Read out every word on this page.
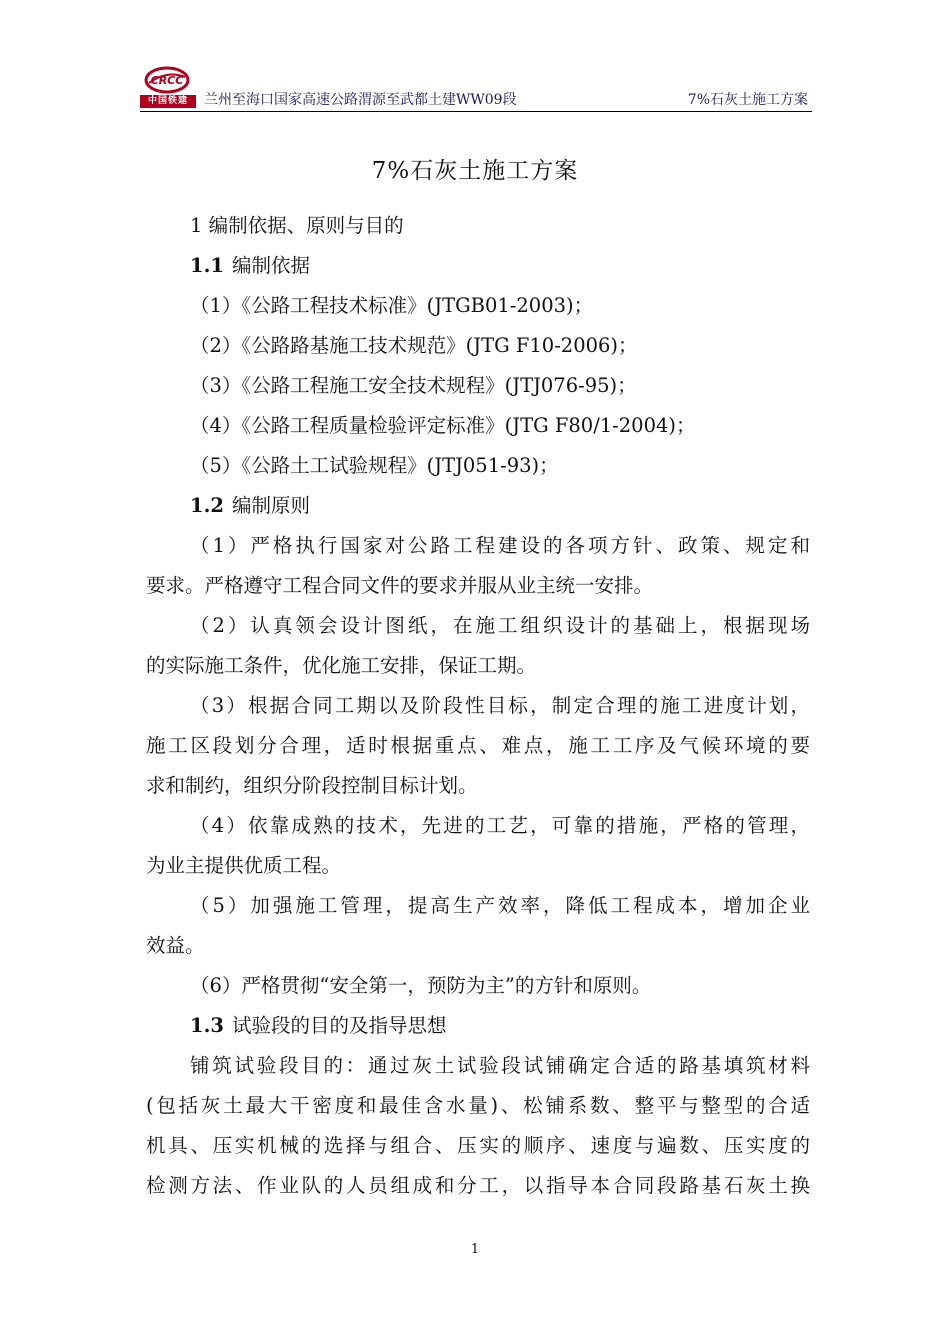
CRCC
中国铁建	兰州至海口国家高速公路渭源至武都土建WW09段	7%石灰土施工方案
7%石灰土施工方案
1 编制依据、原则与目的
1.1 编制依据
（1）《公路工程技术标准》(JTGB01-2003)；
（2）《公路路基施工技术规范》(JTG F10-2006)；
（3）《公路工程施工安全技术规程》(JTJ076-95)；
（4）《公路工程质量检验评定标准》(JTG F80/1-2004)；
（5）《公路土工试验规程》(JTJ051-93)；
1.2 编制原则
（1）严格执行国家对公路工程建设的各项方针、政策、规定和
要求。严格遵守工程合同文件的要求并服从业主统一安排。
（2）认真领会设计图纸，在施工组织设计的基础上，根据现场
的实际施工条件，优化施工安排，保证工期。
（3）根据合同工期以及阶段性目标，制定合理的施工进度计划，
施工区段划分合理，适时根据重点、难点，施工工序及气候环境的要
求和制约，组织分阶段控制目标计划。
（4）依靠成熟的技术，先进的工艺，可靠的措施，严格的管理，
为业主提供优质工程。
（5）加强施工管理，提高生产效率，降低工程成本，增加企业
效益。
（6）严格贯彻“安全第一，预防为主”的方针和原则。
1.3 试验段的目的及指导思想
铺筑试验段目的：通过灰土试验段试铺确定合适的路基填筑材料
(包括灰土最大干密度和最佳含水量)、松铺系数、整平与整型的合适
机具、压实机械的选择与组合、压实的顺序、速度与遍数、压实度的
检测方法、作业队的人员组成和分工，以指导本合同段路基石灰土换
1
